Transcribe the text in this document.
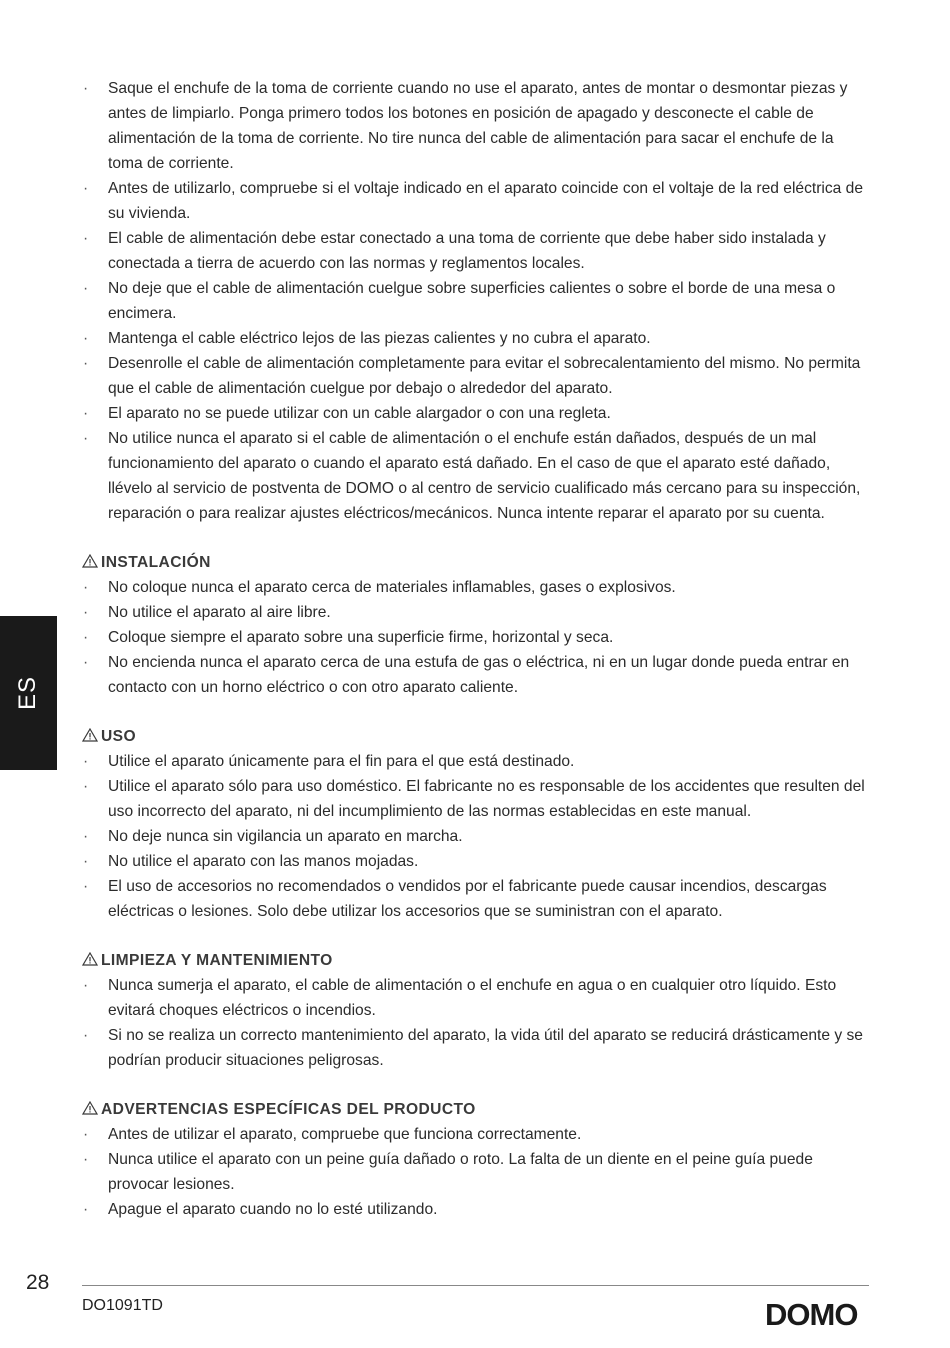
ES
· Saque el enchufe de la toma de corriente cuando no use el aparato, antes de montar o desmontar piezas y antes de limpiarlo. Ponga primero todos los botones en posición de apagado y desconecte el cable de alimentación de la toma de corriente. No tire nunca del cable de alimentación para sacar el enchufe de la toma de corriente.
· Antes de utilizarlo, compruebe si el voltaje indicado en el aparato coincide con el voltaje de la red eléctrica de su vivienda.
· El cable de alimentación debe estar conectado a una toma de corriente que debe haber sido instalada y conectada a tierra de acuerdo con las normas y reglamentos locales.
· No deje que el cable de alimentación cuelgue sobre superficies calientes o sobre el borde de una mesa o encimera.
· Mantenga el cable eléctrico lejos de las piezas calientes y no cubra el aparato.
· Desenrolle el cable de alimentación completamente para evitar el sobrecalentamiento del mismo. No permita que el cable de alimentación cuelgue por debajo o alrededor del aparato.
· El aparato no se puede utilizar con un cable alargador o con una regleta.
· No utilice nunca el aparato si el cable de alimentación o el enchufe están dañados, después de un mal funcionamiento del aparato o cuando el aparato está dañado. En el caso de que el aparato esté dañado, llévelo al servicio de postventa de DOMO o al centro de servicio cualificado más cercano para su inspección, reparación o para realizar ajustes eléctricos/mecánicos. Nunca intente reparar el aparato por su cuenta.
INSTALACIÓN
· No coloque nunca el aparato cerca de materiales inflamables, gases o explosivos.
· No utilice el aparato al aire libre.
· Coloque siempre el aparato sobre una superficie firme, horizontal y seca.
· No encienda nunca el aparato cerca de una estufa de gas o eléctrica, ni en un lugar donde pueda entrar en contacto con un horno eléctrico o con otro aparato caliente.
USO
· Utilice el aparato únicamente para el fin para el que está destinado.
· Utilice el aparato sólo para uso doméstico. El fabricante no es responsable de los accidentes que resulten del uso incorrecto del aparato, ni del incumplimiento de las normas establecidas en este manual.
· No deje nunca sin vigilancia un aparato en marcha.
· No utilice el aparato con las manos mojadas.
· El uso de accesorios no recomendados o vendidos por el fabricante puede causar incendios, descargas eléctricas o lesiones. Solo debe utilizar los accesorios que se suministran con el aparato.
LIMPIEZA Y MANTENIMIENTO
· Nunca sumerja el aparato, el cable de alimentación o el enchufe en agua o en cualquier otro líquido. Esto evitará choques eléctricos o incendios.
· Si no se realiza un correcto mantenimiento del aparato, la vida útil del aparato se reducirá drásticamente y se podrían producir situaciones peligrosas.
ADVERTENCIAS ESPECÍFICAS DEL PRODUCTO
· Antes de utilizar el aparato, compruebe que funciona correctamente.
· Nunca utilice el aparato con un peine guía dañado o roto. La falta de un diente en el peine guía puede provocar lesiones.
· Apague el aparato cuando no lo esté utilizando.
28
DO1091TD	DOMO
